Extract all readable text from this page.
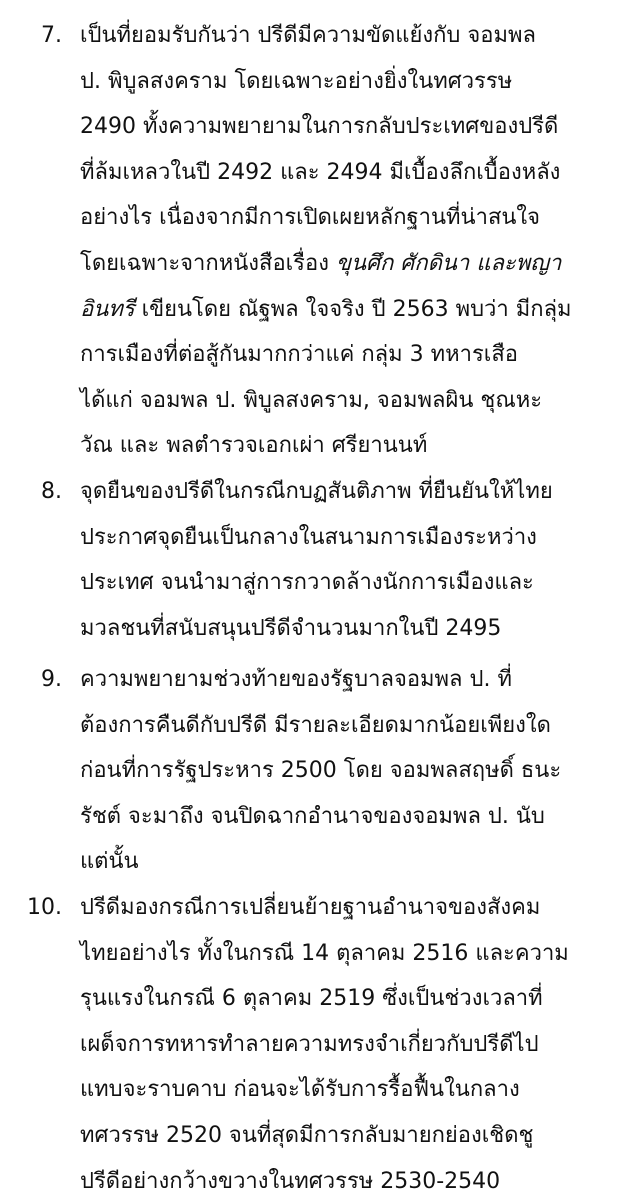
7. เป็นที่ยอมรับกันว่า ปรีดีมีความขัดแย้งกับ จอมพล
ป. พิบูลสงคราม โดยเฉพาะอย่างยิ่งในทศวรรษ
2490 ทั้งความพยายามในการกลับประเทศของปรีดี
ที่ล้มเหลวในปี 2492 และ 2494 มีเบื้องลึกเบื้องหลัง
อย่างไร เนื่องจากมีการเปิดเผยหลักฐานที่น่าสนใจ
โดยเฉพาะจากหนังสือเรื่อง ขุนศึก ศักดินา และพญา
อินทรี เขียนโดย ณัฐพล ใจจริง ปี 2563 พบว่า มีกลุ่ม
การเมืองที่ต่อสู้กันมากกว่าแค่ กลุ่ม 3 ทหารเสือ
ได้แก่ จอมพล ป. พิบูลสงคราม, จอมพลผิน ชุณหะ
วัณ และ พลตำรวจเอกเผ่า ศรียานนท์
8. จุดยืนของปรีดีในกรณีกบฏสันติภาพ ที่ยืนยันให้ไทย
ประกาศจุดยืนเป็นกลางในสนามการเมืองระหว่าง
ประเทศ จนนำมาสู่การกวาดล้างนักการเมืองและ
มวลชนที่สนับสนุนปรีดีจำนวนมากในปี 2495
9. ความพยายามช่วงท้ายของรัฐบาลจอมพล ป. ที่
ต้องการคืนดีกับปรีดี มีรายละเอียดมากน้อยเพียงใด
ก่อนที่การรัฐประหาร 2500 โดย จอมพลสฤษดิ์ ธนะ
รัชต์ จะมาถึง จนปิดฉากอำนาจของจอมพล ป. นับ
แต่นั้น
10. ปรีดีมองกรณีการเปลี่ยนย้ายฐานอำนาจของสังคม
ไทยอย่างไร ทั้งในกรณี 14 ตุลาคม 2516 และความ
รุนแรงในกรณี 6 ตุลาคม 2519 ซึ่งเป็นช่วงเวลาที่
เผด็จการทหารทำลายความทรงจำเกี่ยวกับปรีดีไป
แทบจะราบคาบ ก่อนจะได้รับการรื้อฟื้นในกลาง
ทศวรรษ 2520 จนที่สุดมีการกลับมายกย่องเชิดชู
ปรีดีอย่างกว้างขวางในทศวรรษ 2530-2540
